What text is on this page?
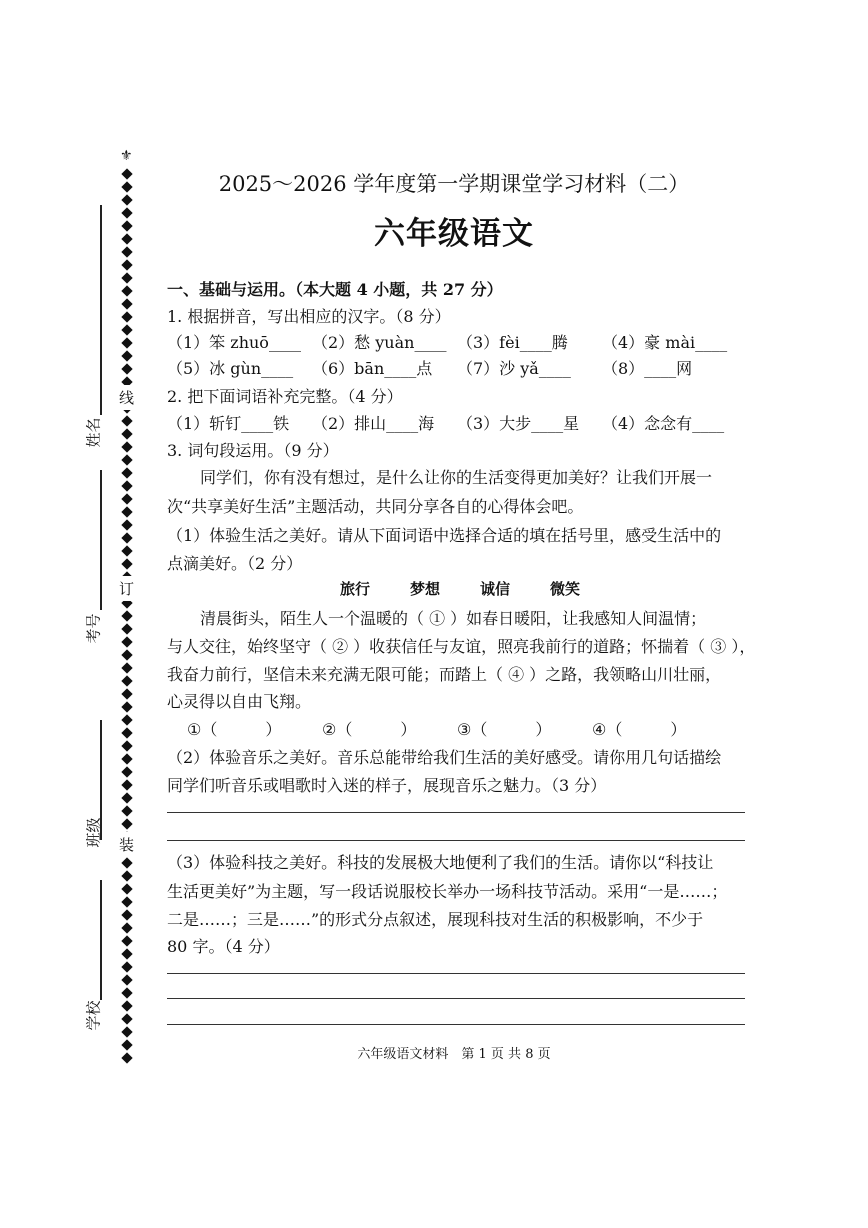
姓名
考号
班级
学校
⚜
线
订
装
2025～2026 学年度第一学期课堂学习材料（二）
六年级语文
一、基础与运用。（本大题 4 小题，共 27 分）
1. 根据拼音，写出相应的汉字。（8 分）
（1）笨 zhuō____ （2）愁 yuàn____ （3）fèi____腾	（4）豪 mài____
（5）冰 gùn____	（6）bān____点	（7）沙 yǎ____	（8）____网
2. 把下面词语补充完整。（4 分）
（1）斩钉____铁	（2）排山____海	（3）大步____星	（4）念念有____
3. 词句段运用。（9 分）
同学们，你有没有想过，是什么让你的生活变得更加美好？让我们开展一
次“共享美好生活”主题活动，共同分享各自的心得体会吧。
（1）体验生活之美好。请从下面词语中选择合适的填在括号里，感受生活中的
点滴美好。（2 分）
旅行	梦想	诚信	微笑
清晨街头，陌生人一个温暖的（ ① ）如春日暖阳，让我感知人间温情；
与人交往，始终坚守（ ② ）收获信任与友谊，照亮我前行的道路；怀揣着（ ③ ），
我奋力前行，坚信未来充满无限可能；而踏上（ ④ ）之路，我领略山川壮丽，
心灵得以自由飞翔。
①（　　　）	②（　　　）	③（　　　）	④（　　　）
（2）体验音乐之美好。音乐总能带给我们生活的美好感受。请你用几句话描绘
同学们听音乐或唱歌时入迷的样子，展现音乐之魅力。（3 分）
（3）体验科技之美好。科技的发展极大地便利了我们的生活。请你以“科技让
生活更美好”为主题，写一段话说服校长举办一场科技节活动。采用“一是……；
二是……；三是……”的形式分点叙述，展现科技对生活的积极影响，不少于
80 字。（4 分）
六年级语文材料　第 1 页 共 8 页
